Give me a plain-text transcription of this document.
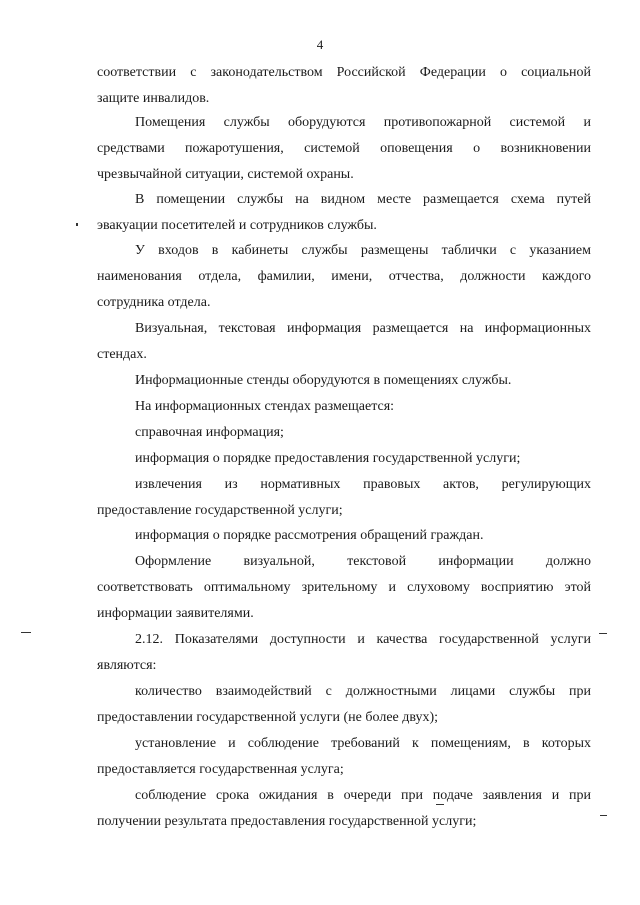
4
соответствии с законодательством Российской Федерации о социальной
защите инвалидов.
Помещения службы оборудуются противопожарной системой и
средствами пожаротушения, системой оповещения о возникновении
чрезвычайной ситуации, системой охраны.
В помещении службы на видном месте размещается схема путей
эвакуации посетителей и сотрудников службы.
У входов в кабинеты службы размещены таблички с указанием
наименования отдела, фамилии, имени, отчества, должности каждого
сотрудника отдела.
Визуальная, текстовая информация размещается на информационных
стендах.
Информационные стенды оборудуются в помещениях службы.
На информационных стендах размещается:
справочная информация;
информация о порядке предоставления государственной услуги;
извлечения из нормативных правовых актов, регулирующих
предоставление государственной услуги;
информация о порядке рассмотрения обращений граждан.
Оформление визуальной, текстовой информации должно
соответствовать оптимальному зрительному и слуховому восприятию этой
информации заявителями.
2.12. Показателями доступности и качества государственной услуги
являются:
количество взаимодействий с должностными лицами службы при
предоставлении государственной услуги (не более двух);
установление и соблюдение требований к помещениям, в которых
предоставляется государственная услуга;
соблюдение срока ожидания в очереди при подаче заявления и при
получении результата предоставления государственной услуги;
